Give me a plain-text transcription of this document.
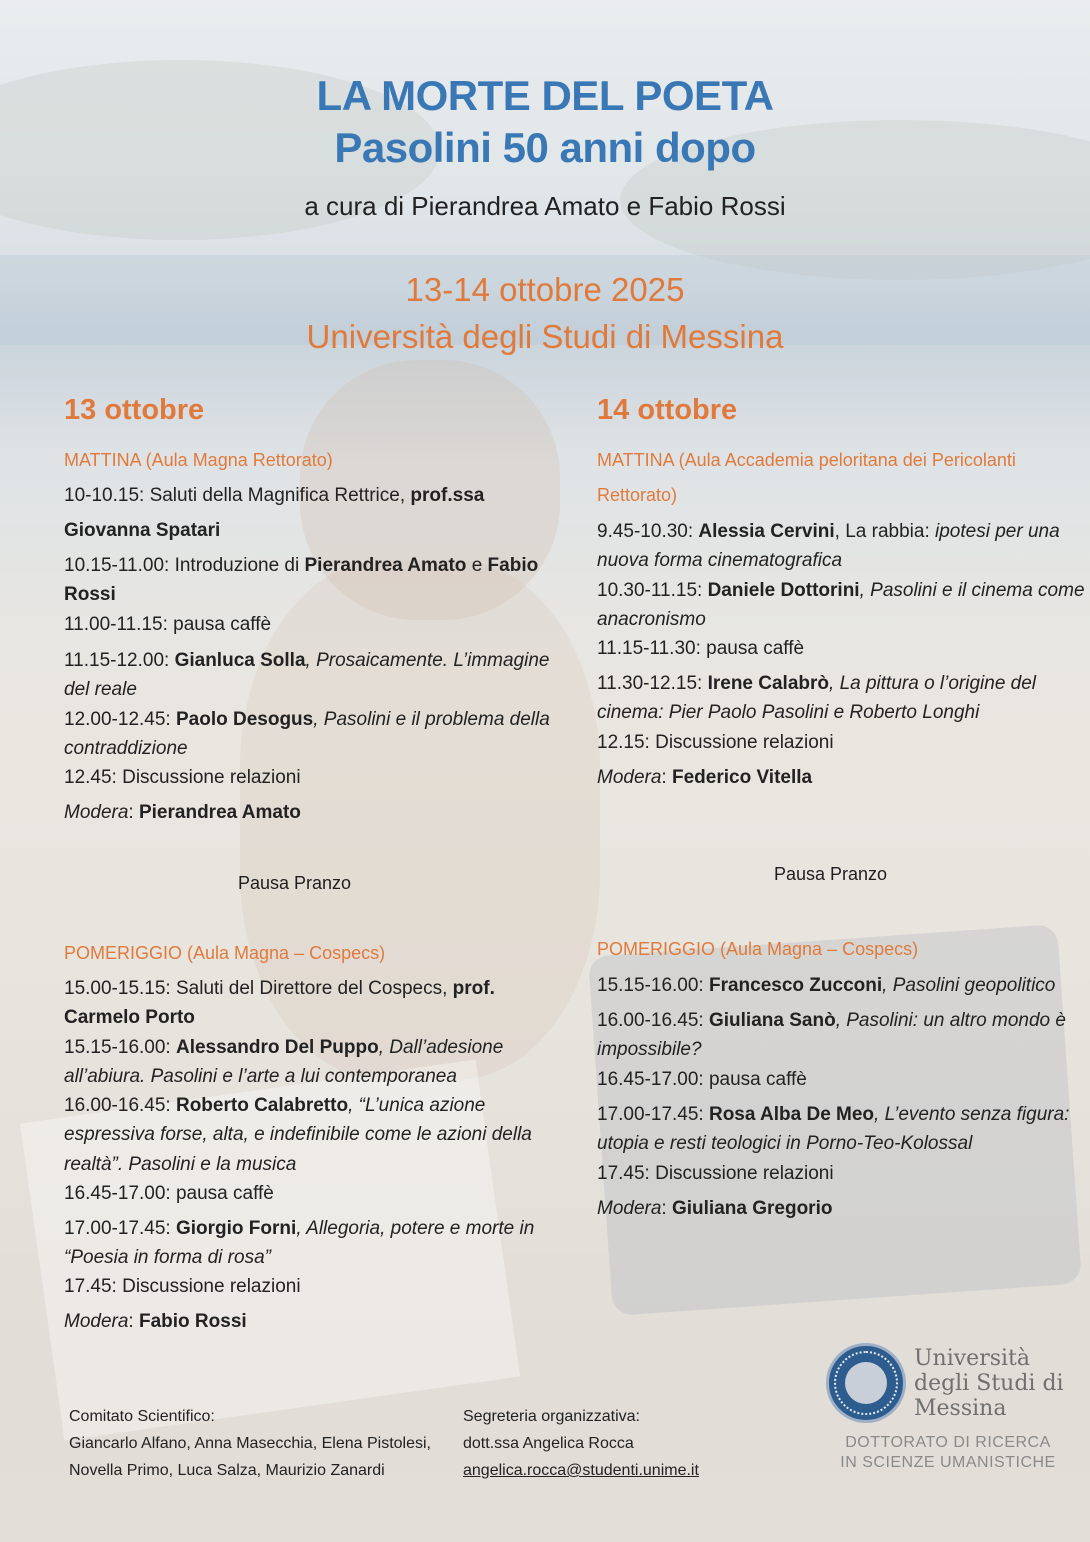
LA MORTE DEL POETA
Pasolini 50 anni dopo
a cura di Pierandrea Amato e Fabio Rossi
13-14 ottobre 2025
Università degli Studi di Messina
13 ottobre
MATTINA (Aula Magna Rettorato)
10-10.15: Saluti della Magnifica Rettrice, prof.ssa
Giovanna Spatari
10.15-11.00: Introduzione di Pierandrea Amato e Fabio
Rossi
11.00-11.15: pausa caffè
11.15-12.00: Gianluca Solla, Prosaicamente. L’immagine
del reale
12.00-12.45: Paolo Desogus, Pasolini e il problema della
contraddizione
12.45: Discussione relazioni
Modera: Pierandrea Amato
Pausa Pranzo
POMERIGGIO (Aula Magna – Cospecs)
15.00-15.15: Saluti del Direttore del Cospecs, prof.
Carmelo Porto
15.15-16.00: Alessandro Del Puppo, Dall’adesione
all’abiura. Pasolini e l’arte a lui contemporanea
16.00-16.45: Roberto Calabretto, “L’unica azione
espressiva forse, alta, e indefinibile come le azioni della
realtà”. Pasolini e la musica
16.45-17.00: pausa caffè
17.00-17.45: Giorgio Forni, Allegoria, potere e morte in
“Poesia in forma di rosa”
17.45: Discussione relazioni
Modera: Fabio Rossi
14 ottobre
MATTINA (Aula Accademia peloritana dei Pericolanti
Rettorato)
9.45-10.30: Alessia Cervini, La rabbia: ipotesi per una
nuova forma cinematografica
10.30-11.15: Daniele Dottorini, Pasolini e il cinema come
anacronismo
11.15-11.30: pausa caffè
11.30-12.15: Irene Calabrò, La pittura o l’origine del
cinema: Pier Paolo Pasolini e Roberto Longhi
12.15: Discussione relazioni
Modera: Federico Vitella
Pausa Pranzo
POMERIGGIO (Aula Magna – Cospecs)
15.15-16.00: Francesco Zucconi, Pasolini geopolitico
16.00-16.45: Giuliana Sanò, Pasolini: un altro mondo è
impossibile?
16.45-17.00: pausa caffè
17.00-17.45: Rosa Alba De Meo, L’evento senza figura:
utopia e resti teologici in Porno-Teo-Kolossal
17.45: Discussione relazioni
Modera: Giuliana Gregorio
Comitato Scientifico:
Giancarlo Alfano, Anna Masecchia, Elena Pistolesi,
Novella Primo, Luca Salza, Maurizio Zanardi
Segreteria organizzativa:
dott.ssa Angelica Rocca
angelica.rocca@studenti.unime.it
Università
degli Studi di
Messina
DOTTORATO DI RICERCA
IN SCIENZE UMANISTICHE
